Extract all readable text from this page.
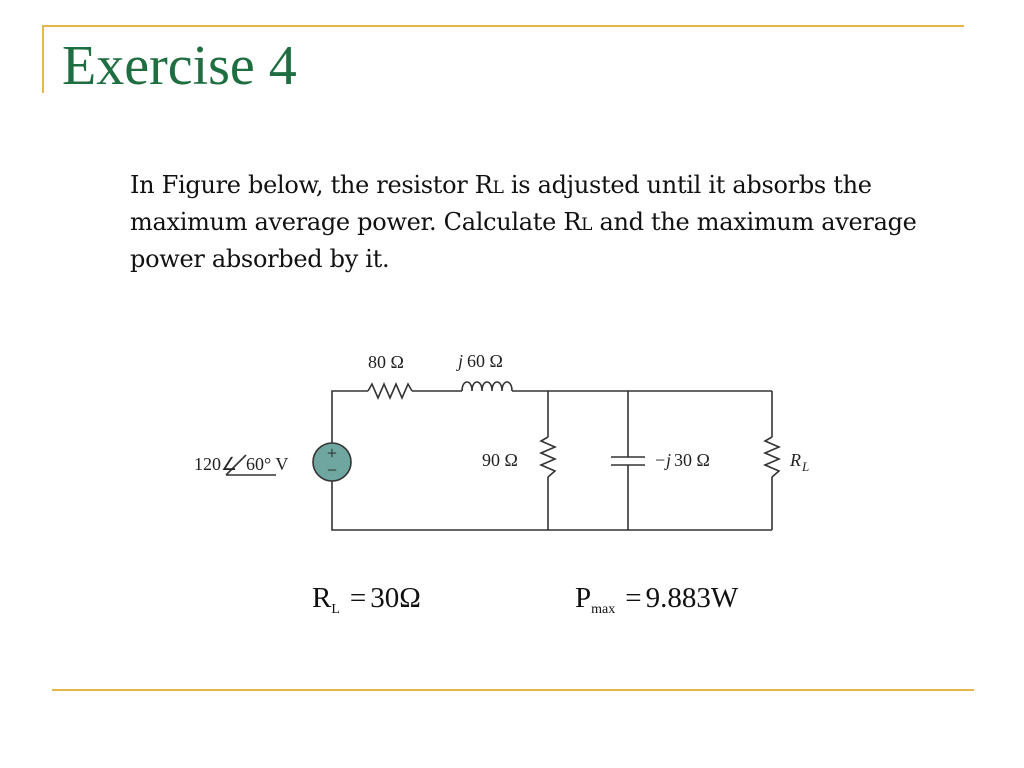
Exercise 4
In Figure below, the resistor RL is adjusted until it absorbs the maximum average power. Calculate RL and the maximum average power absorbed by it.
+
−
120∠ 60° V
80 Ω	j 60 Ω
90 Ω	− j 30 Ω	R L
$R_L = 30\Omega$	$P_{max} = 9.883W$
